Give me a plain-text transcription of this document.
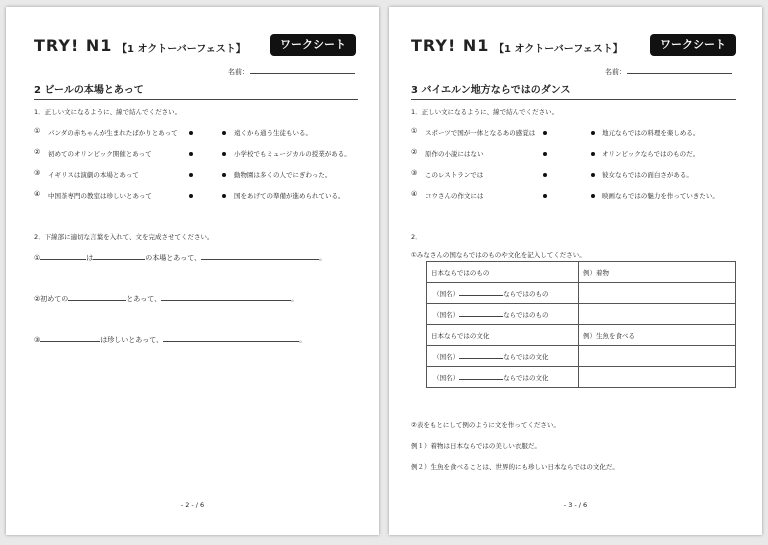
TRY! N1 【1 オクトーバーフェスト】	ワークシート
名前：
2 ビールの本場とあって
1．正しい文になるように、線で結んでください。
① パンダの赤ちゃんが生まれたばかりとあって	遠くから通う生徒もいる。
② 初めてのオリンピック開催とあって	小学校でもミュージカルの授業がある。
③ イギリスは演劇の本場とあって	動物園は多くの人でにぎわった。
④ 中国茶専門の教室は珍しいとあって	国をあげての準備が進められている。
2．下線部に適切な言葉を入れて、文を完成させてください。
①	は	の本場とあって、	。
②初めての	とあって、	。
③	は珍しいとあって、	。
- 2 - / 6
TRY! N1 【1 オクトーバーフェスト】	ワークシート
名前：
3 バイエルン地方ならではのダンス
1．正しい文になるように、線で結んでください。
① スポーツで国が一体となるあの感覚は	地元ならではの料理を楽しめる。
② 原作の小説にはない	オリンピックならではのものだ。
③ このレストランでは	彼女ならではの面白さがある。
④ コウさんの作文には	映画ならではの魅力を作っていきたい。
2．
①みなさんの国ならではのものや文化を記入してください。
日本ならではのもの	例）着物
（国名） ならではのもの	
（国名） ならではのもの	
日本ならではの文化	例）生魚を食べる
（国名） ならではの文化	
（国名） ならではの文化	
②表をもとにして例のように文を作ってください。
例１）着物は日本ならではの美しい衣服だ。
例２）生魚を食べることは、世界的にも珍しい日本ならではの文化だ。
- 3 - / 6
